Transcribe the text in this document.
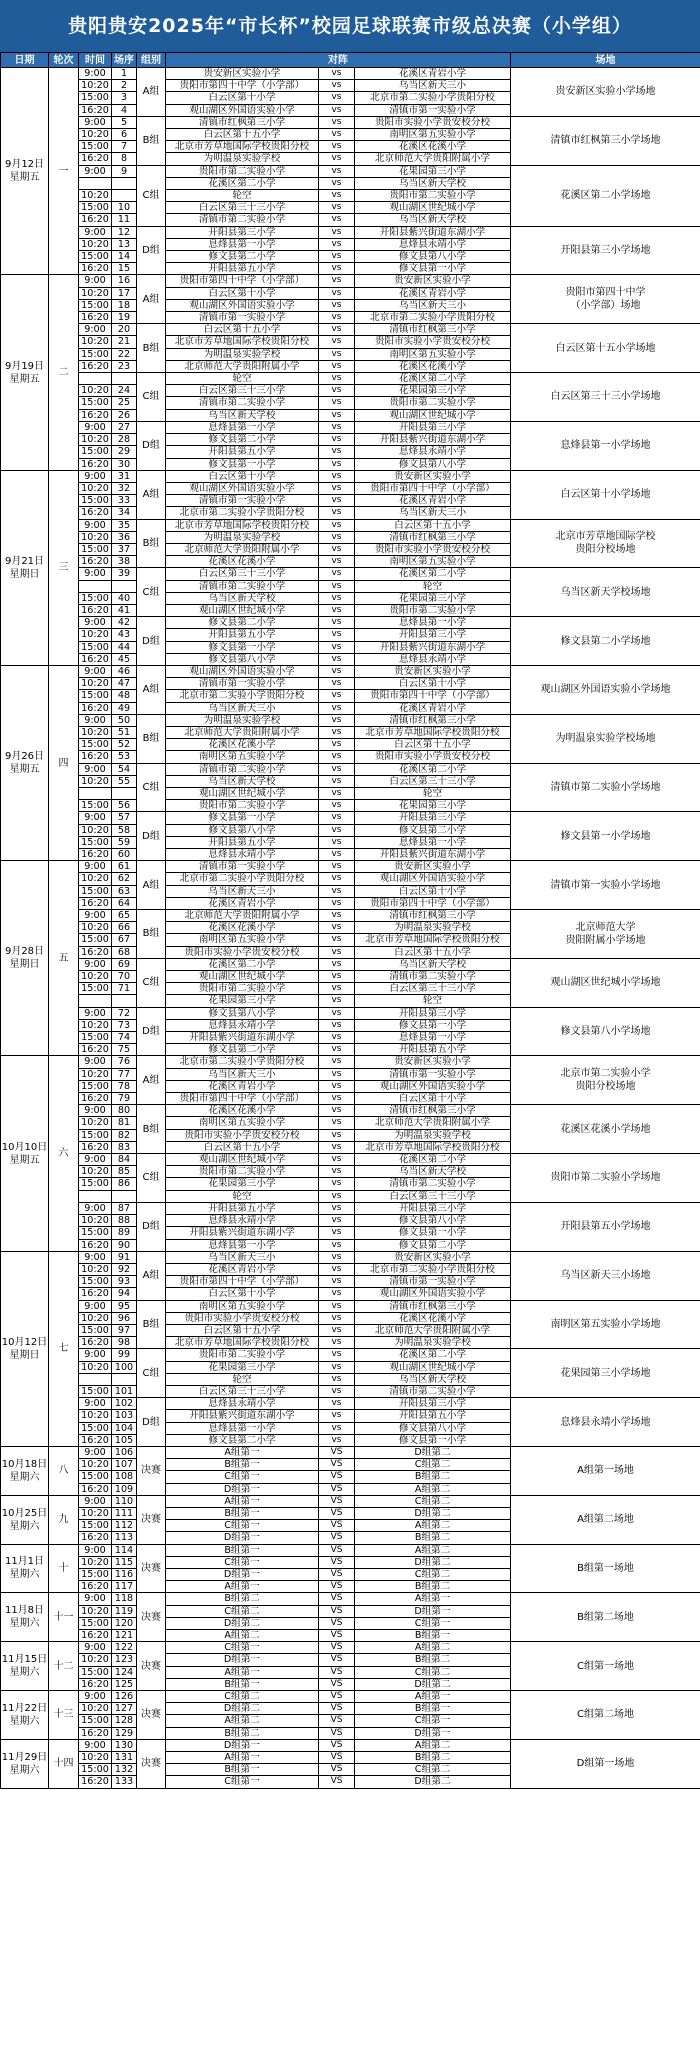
贵阳贵安2025年“市长杯”校园足球联赛市级总决赛（小学组）
日期	轮次	时间	场序	组别	对阵			场地
9月12日
星期五	一	9:00	1	A组	贵安新区实验小学	vs	花溪区青岩小学	贵安新区实验小学场地
		10:20	2		贵阳市第四十中学（小学部）	vs	乌当区新天三小	
		15:00	3		白云区第十小学	vs	北京市第二实验小学贵阳分校	
		16:20	4		观山湖区外国语实验小学	vs	清镇市第一实验小学	
		9:00	5	B组	清镇市红枫第三小学	vs	贵阳市实验小学贵安校分校	清镇市红枫第三小学场地
		10:20	6		白云区第十五小学	vs	南明区第五实验小学	
		15:00	7		北京市芳草地国际学校贵阳分校	vs	花溪区花溪小学	
		16:20	8		为明温泉实验学校	vs	北京师范大学贵阳附属小学	
		9:00	9	C组	贵阳市第二实验小学	vs	花果园第三小学	花溪区第二小学场地
					花溪区第二小学	vs	乌当区新天学校	
		10:20			轮空	vs	贵阳市第二实验小学	
		15:00	10		白云区第三十三小学	vs	观山湖区世纪城小学	
		16:20	11		清镇市第二实验小学	vs	乌当区新天学校	
		9:00	12	D组	开阳县第三小学	vs	开阳县紫兴街道东湖小学	开阳县第三小学场地
		10:20	13		息烽县第一小学	vs	息烽县永靖小学	
		15:00	14		修文县第二小学	vs	修文县第八小学	
		16:20	15		开阳县第五小学	vs	修文县第一小学	
9月19日
星期五	二	9:00	16	A组	贵阳市第四十中学（小学部）	vs	贵安新区实验小学	贵阳市第四十中学
（小学部）场地
		10:20	17		白云区第十小学	vs	花溪区青岩小学	
		15:00	18		观山湖区外国语实验小学	vs	乌当区新天三小	
		16:20	19		清镇市第一实验小学	vs	北京市第二实验小学贵阳分校	
		9:00	20	B组	白云区第十五小学	vs	清镇市红枫第三小学	白云区第十五小学场地
		10:20	21		北京市芳草地国际学校贵阳分校	vs	贵阳市实验小学贵安校分校	
		15:00	22		为明温泉实验学校	vs	南明区第五实验小学	
		16:20	23		北京师范大学贵阳附属小学	vs	花溪区花溪小学	
				C组	轮空	vs	花溪区第二小学	白云区第三十三小学场地
		10:20	24		白云区第三十三小学	vs	花果园第三小学	
		15:00	25		清镇市第二实验小学	vs	贵阳市第二实验小学	
		16:20	26		乌当区新天学校	vs	观山湖区世纪城小学	
		9:00	27	D组	息烽县第一小学	vs	开阳县第三小学	息烽县第一小学场地
		10:20	28		修文县第二小学	vs	开阳县紫兴街道东湖小学	
		15:00	29		开阳县第五小学	vs	息烽县永靖小学	
		16:20	30		修文县第一小学	vs	修文县第八小学	
9月21日
星期日	三	9:00	31	A组	白云区第十小学	vs	贵安新区实验小学	白云区第十小学场地
		10:20	32		观山湖区外国语实验小学	vs	贵阳市第四十中学（小学部）	
		15:00	33		清镇市第一实验小学	vs	花溪区青岩小学	
		16:20	34		北京市第二实验小学贵阳分校	vs	乌当区新天三小	
		9:00	35	B组	北京市芳草地国际学校贵阳分校	vs	白云区第十五小学	北京市芳草地国际学校
贵阳分校场地
		10:20	36		为明温泉实验学校	vs	清镇市红枫第三小学	
		15:00	37		北京师范大学贵阳附属小学	vs	贵阳市实验小学贵安校分校	
		16:20	38		花溪区花溪小学	vs	南明区第五实验小学	
		9:00	39	C组	白云区第三十三小学	vs	花溪区第二小学	乌当区新天学校场地
					清镇市第二实验小学	vs	轮空	
		15:00	40		乌当区新天学校	vs	花果园第三小学	
		16:20	41		观山湖区世纪城小学	vs	贵阳市第二实验小学	
		9:00	42	D组	修文县第二小学	vs	息烽县第一小学	修文县第二小学场地
		10:20	43		开阳县第五小学	vs	开阳县第三小学	
		15:00	44		修文县第一小学	vs	开阳县紫兴街道东湖小学	
		16:20	45		修文县第八小学	vs	息烽县永靖小学	
9月26日
星期五	四	9:00	46	A组	观山湖区外国语实验小学	vs	贵安新区实验小学	观山湖区外国语实验小学场地
		10:20	47		清镇市第一实验小学	vs	白云区第十小学	
		15:00	48		北京市第二实验小学贵阳分校	vs	贵阳市第四十中学（小学部）	
		16:20	49		乌当区新天三小	vs	花溪区青岩小学	
		9:00	50	B组	为明温泉实验学校	vs	清镇市红枫第三小学	为明温泉实验学校场地
		10:20	51		北京师范大学贵阳附属小学	vs	北京市芳草地国际学校贵阳分校	
		15:00	52		花溪区花溪小学	vs	白云区第十五小学	
		16:20	53		南明区第五实验小学	vs	贵阳市实验小学贵安校分校	
		9:00	54	C组	清镇市第二实验小学	vs	花溪区第二小学	清镇市第二实验小学场地
		10:20	55		乌当区新天学校	vs	白云区第三十三小学	
					观山湖区世纪城小学	vs	轮空	
		15:00	56		贵阳市第二实验小学	vs	花果园第三小学	
		9:00	57	D组	修文县第一小学	vs	开阳县第三小学	修文县第一小学场地
		10:20	58		修文县第八小学	vs	修文县第二小学	
		15:00	59		开阳县第五小学	vs	息烽县第一小学	
		16:20	60		息烽县永靖小学	vs	开阳县紫兴街道东湖小学	
9月28日
星期日	五	9:00	61	A组	清镇市第一实验小学	vs	贵安新区实验小学	清镇市第一实验小学场地
		10:20	62		北京市第二实验小学贵阳分校	vs	观山湖区外国语实验小学	
		15:00	63		乌当区新天三小	vs	白云区第十小学	
		16:20	64		花溪区青岩小学	vs	贵阳市第四十中学（小学部）	
		9:00	65	B组	北京师范大学贵阳附属小学	vs	清镇市红枫第三小学	北京师范大学
贵阳附属小学场地
		10:20	66		花溪区花溪小学	vs	为明温泉实验学校	
		15:00	67		南明区第五实验小学	vs	北京市芳草地国际学校贵阳分校	
		16:20	68		贵阳市实验小学贵安校分校	vs	白云区第十五小学	
		9:00	69	C组	花溪区第二小学	vs	乌当区新天学校	观山湖区世纪城小学场地
		10:20	70		观山湖区世纪城小学	vs	清镇市第二实验小学	
		15:00	71		贵阳市第二实验小学	vs	白云区第三十三小学	
					花果园第三小学	vs	轮空	
		9:00	72	D组	修文县第八小学	vs	开阳县第三小学	修文县第八小学场地
		10:20	73		息烽县永靖小学	vs	修文县第一小学	
		15:00	74		开阳县紫兴街道东湖小学	vs	息烽县第一小学	
		16:20	75		修文县第二小学	vs	开阳县第五小学	
10月10日
星期五	六	9:00	76	A组	北京市第二实验小学贵阳分校	vs	贵安新区实验小学	北京市第二实验小学
贵阳分校场地
		10:20	77		乌当区新天三小	vs	清镇市第一实验小学	
		15:00	78		花溪区青岩小学	vs	观山湖区外国语实验小学	
		16:20	79		贵阳市第四十中学（小学部）	vs	白云区第十小学	
		9:00	80	B组	花溪区花溪小学	vs	清镇市红枫第三小学	花溪区花溪小学场地
		10:20	81		南明区第五实验小学	vs	北京师范大学贵阳附属小学	
		15:00	82		贵阳市实验小学贵安校分校	vs	为明温泉实验学校	
		16:20	83		白云区第十五小学	vs	北京市芳草地国际学校贵阳分校	
		9:00	84	C组	观山湖区世纪城小学	vs	花溪区第二小学	贵阳市第二实验小学场地
		10:20	85		贵阳市第二实验小学	vs	乌当区新天学校	
		15:00	86		花果园第三小学	vs	清镇市第二实验小学	
					轮空	vs	白云区第三十三小学	
		9:00	87	D组	开阳县第五小学	vs	开阳县第三小学	开阳县第五小学场地
		10:20	88		息烽县永靖小学	vs	修文县第八小学	
		15:00	89		开阳县紫兴街道东湖小学	vs	修文县第一小学	
		16:20	90		息烽县第一小学	vs	修文县第二小学	
10月12日
星期日	七	9:00	91	A组	乌当区新天三小	vs	贵安新区实验小学	乌当区新天三小场地
		10:20	92		花溪区青岩小学	vs	北京市第二实验小学贵阳分校	
		15:00	93		贵阳市第四十中学（小学部）	vs	清镇市第一实验小学	
		16:20	94		白云区第十小学	vs	观山湖区外国语实验小学	
		9:00	95	B组	南明区第五实验小学	vs	清镇市红枫第三小学	南明区第五实验小学场地
		10:20	96		贵阳市实验小学贵安校分校	vs	花溪区花溪小学	
		15:00	97		白云区第十五小学	vs	北京师范大学贵阳附属小学	
		16:20	98		北京市芳草地国际学校贵阳分校	vs	为明温泉实验学校	
		9:00	99	C组	贵阳市第二实验小学	vs	花溪区第二小学	花果园第三小学场地
		10:20	100		花果园第三小学	vs	观山湖区世纪城小学	
					轮空	vs	乌当区新天学校	
		15:00	101		白云区第三十三小学	vs	清镇市第二实验小学	
		9:00	102	D组	息烽县永靖小学	vs	开阳县第三小学	息烽县永靖小学场地
		10:20	103		开阳县紫兴街道东湖小学	vs	开阳县第五小学	
		15:00	104		息烽县第一小学	vs	修文县第八小学	
		16:20	105		修文县第二小学	vs	修文县第一小学	
10月18日
星期六	八	9:00	106	决赛	A组第一	VS	D组第二	A组第一场地
		10:20	107		B组第一	VS	C组第二	
		15:00	108		C组第一	VS	B组第二	
		16:20	109		D组第一	VS	A组第二	
10月25日
星期六	九	9:00	110	决赛	A组第一	VS	C组第二	A组第二场地
		10:20	111		B组第一	VS	D组第二	
		15:00	112		C组第一	VS	A组第二	
		16:20	113		D组第一	VS	B组第二	
11月1日
星期六	十	9:00	114	决赛	B组第一	VS	A组第二	B组第一场地
		10:20	115		C组第一	VS	D组第二	
		15:00	116		D组第一	VS	C组第二	
		16:20	117		A组第一	VS	B组第二	
11月8日
星期六	十一	9:00	118	决赛	B组第二	VS	A组第一	B组第二场地
		10:20	119		C组第二	VS	D组第一	
		15:00	120		D组第二	VS	C组第一	
		16:20	121		A组第二	VS	B组第一	
11月15日
星期六	十二	9:00	122	决赛	C组第一	VS	A组第二	C组第一场地
		10:20	123		D组第一	VS	B组第二	
		15:00	124		A组第一	VS	C组第二	
		16:20	125		B组第一	VS	D组第二	
11月22日
星期六	十三	9:00	126	决赛	C组第二	VS	A组第一	C组第二场地
		10:20	127		D组第二	VS	B组第一	
		15:00	128		A组第二	VS	C组第一	
		16:20	129		B组第二	VS	D组第一	
11月29日
星期六	十四	9:00	130	决赛	D组第一	VS	A组第二	D组第一场地
		10:20	131		A组第一	VS	B组第二	
		15:00	132		B组第一	VS	C组第二	
		16:20	133		C组第一	VS	D组第二	
